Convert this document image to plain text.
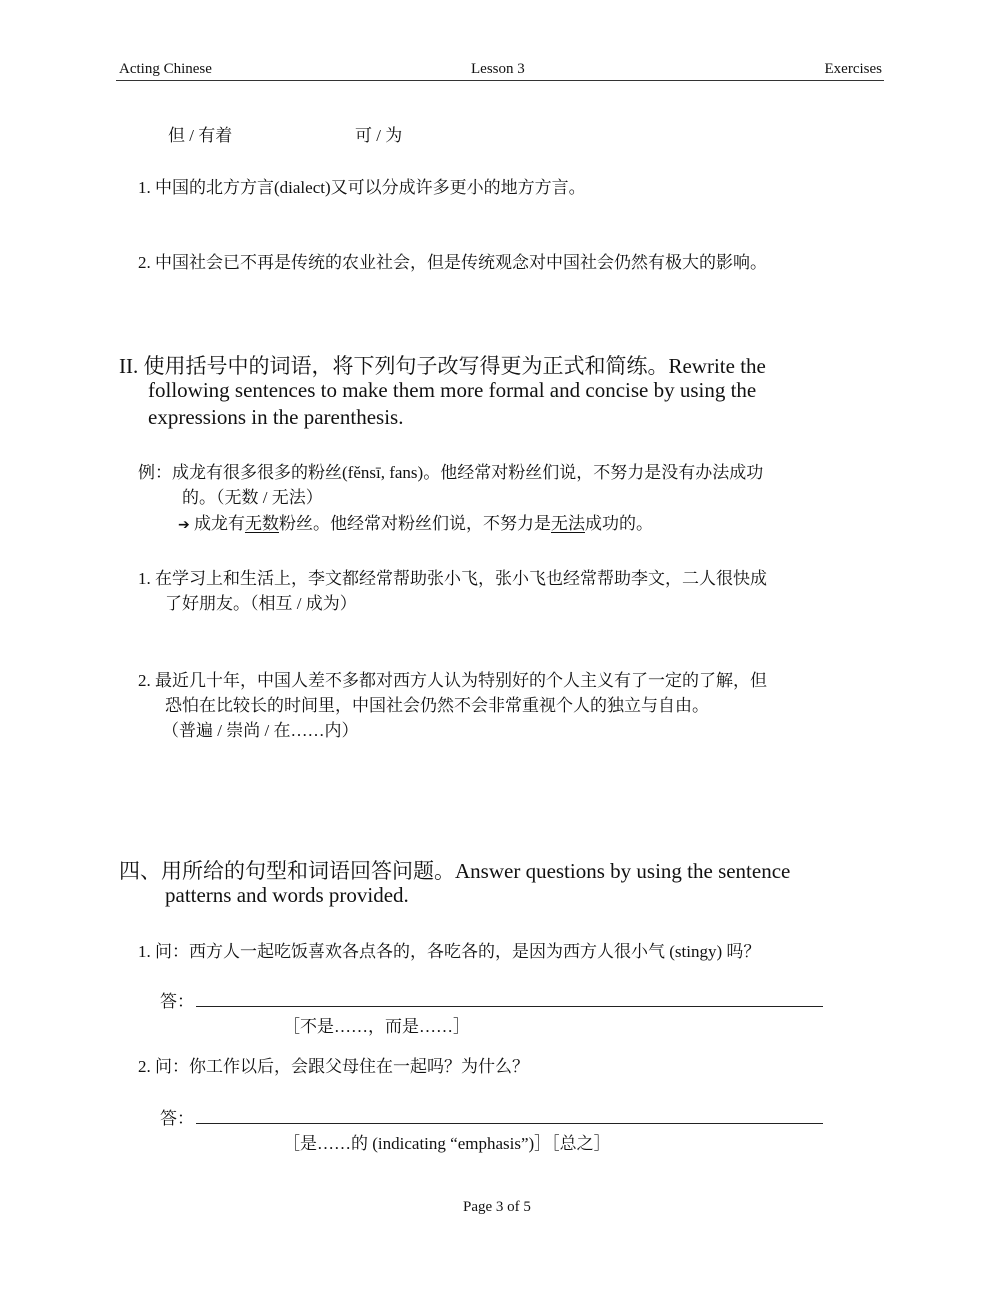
Acting Chinese	Lesson 3	Exercises
但 / 有着	可 / 为
1. 中国的北方方言(dialect)又可以分成许多更小的地方方言。
2. 中国社会已不再是传统的农业社会，但是传统观念对中国社会仍然有极大的影响。
II. 使用括号中的词语，将下列句子改写得更为正式和简练。Rewrite the
following sentences to make them more formal and concise by using the
expressions in the parenthesis.
例：成龙有很多很多的粉丝(fěnsī, fans)。他经常对粉丝们说，不努力是没有办法成功
的。（无数 / 无法）
➔ 成龙有无数粉丝。他经常对粉丝们说，不努力是无法成功的。
1. 在学习上和生活上，李文都经常帮助张小飞，张小飞也经常帮助李文，二人很快成
了好朋友。（相互 / 成为）
2. 最近几十年，中国人差不多都对西方人认为特别好的个人主义有了一定的了解，但
恐怕在比较长的时间里，中国社会仍然不会非常重视个人的独立与自由。
（普遍 / 崇尚 / 在……内）
四、用所给的句型和词语回答问题。Answer questions by using the sentence
patterns and words provided.
1. 问：西方人一起吃饭喜欢各点各的，各吃各的，是因为西方人很小气 (stingy) 吗？
答：
［不是……，而是……］
2. 问：你工作以后，会跟父母住在一起吗？为什么？
答：
［是……的 (indicating “emphasis”)］［总之］
Page 3 of 5
